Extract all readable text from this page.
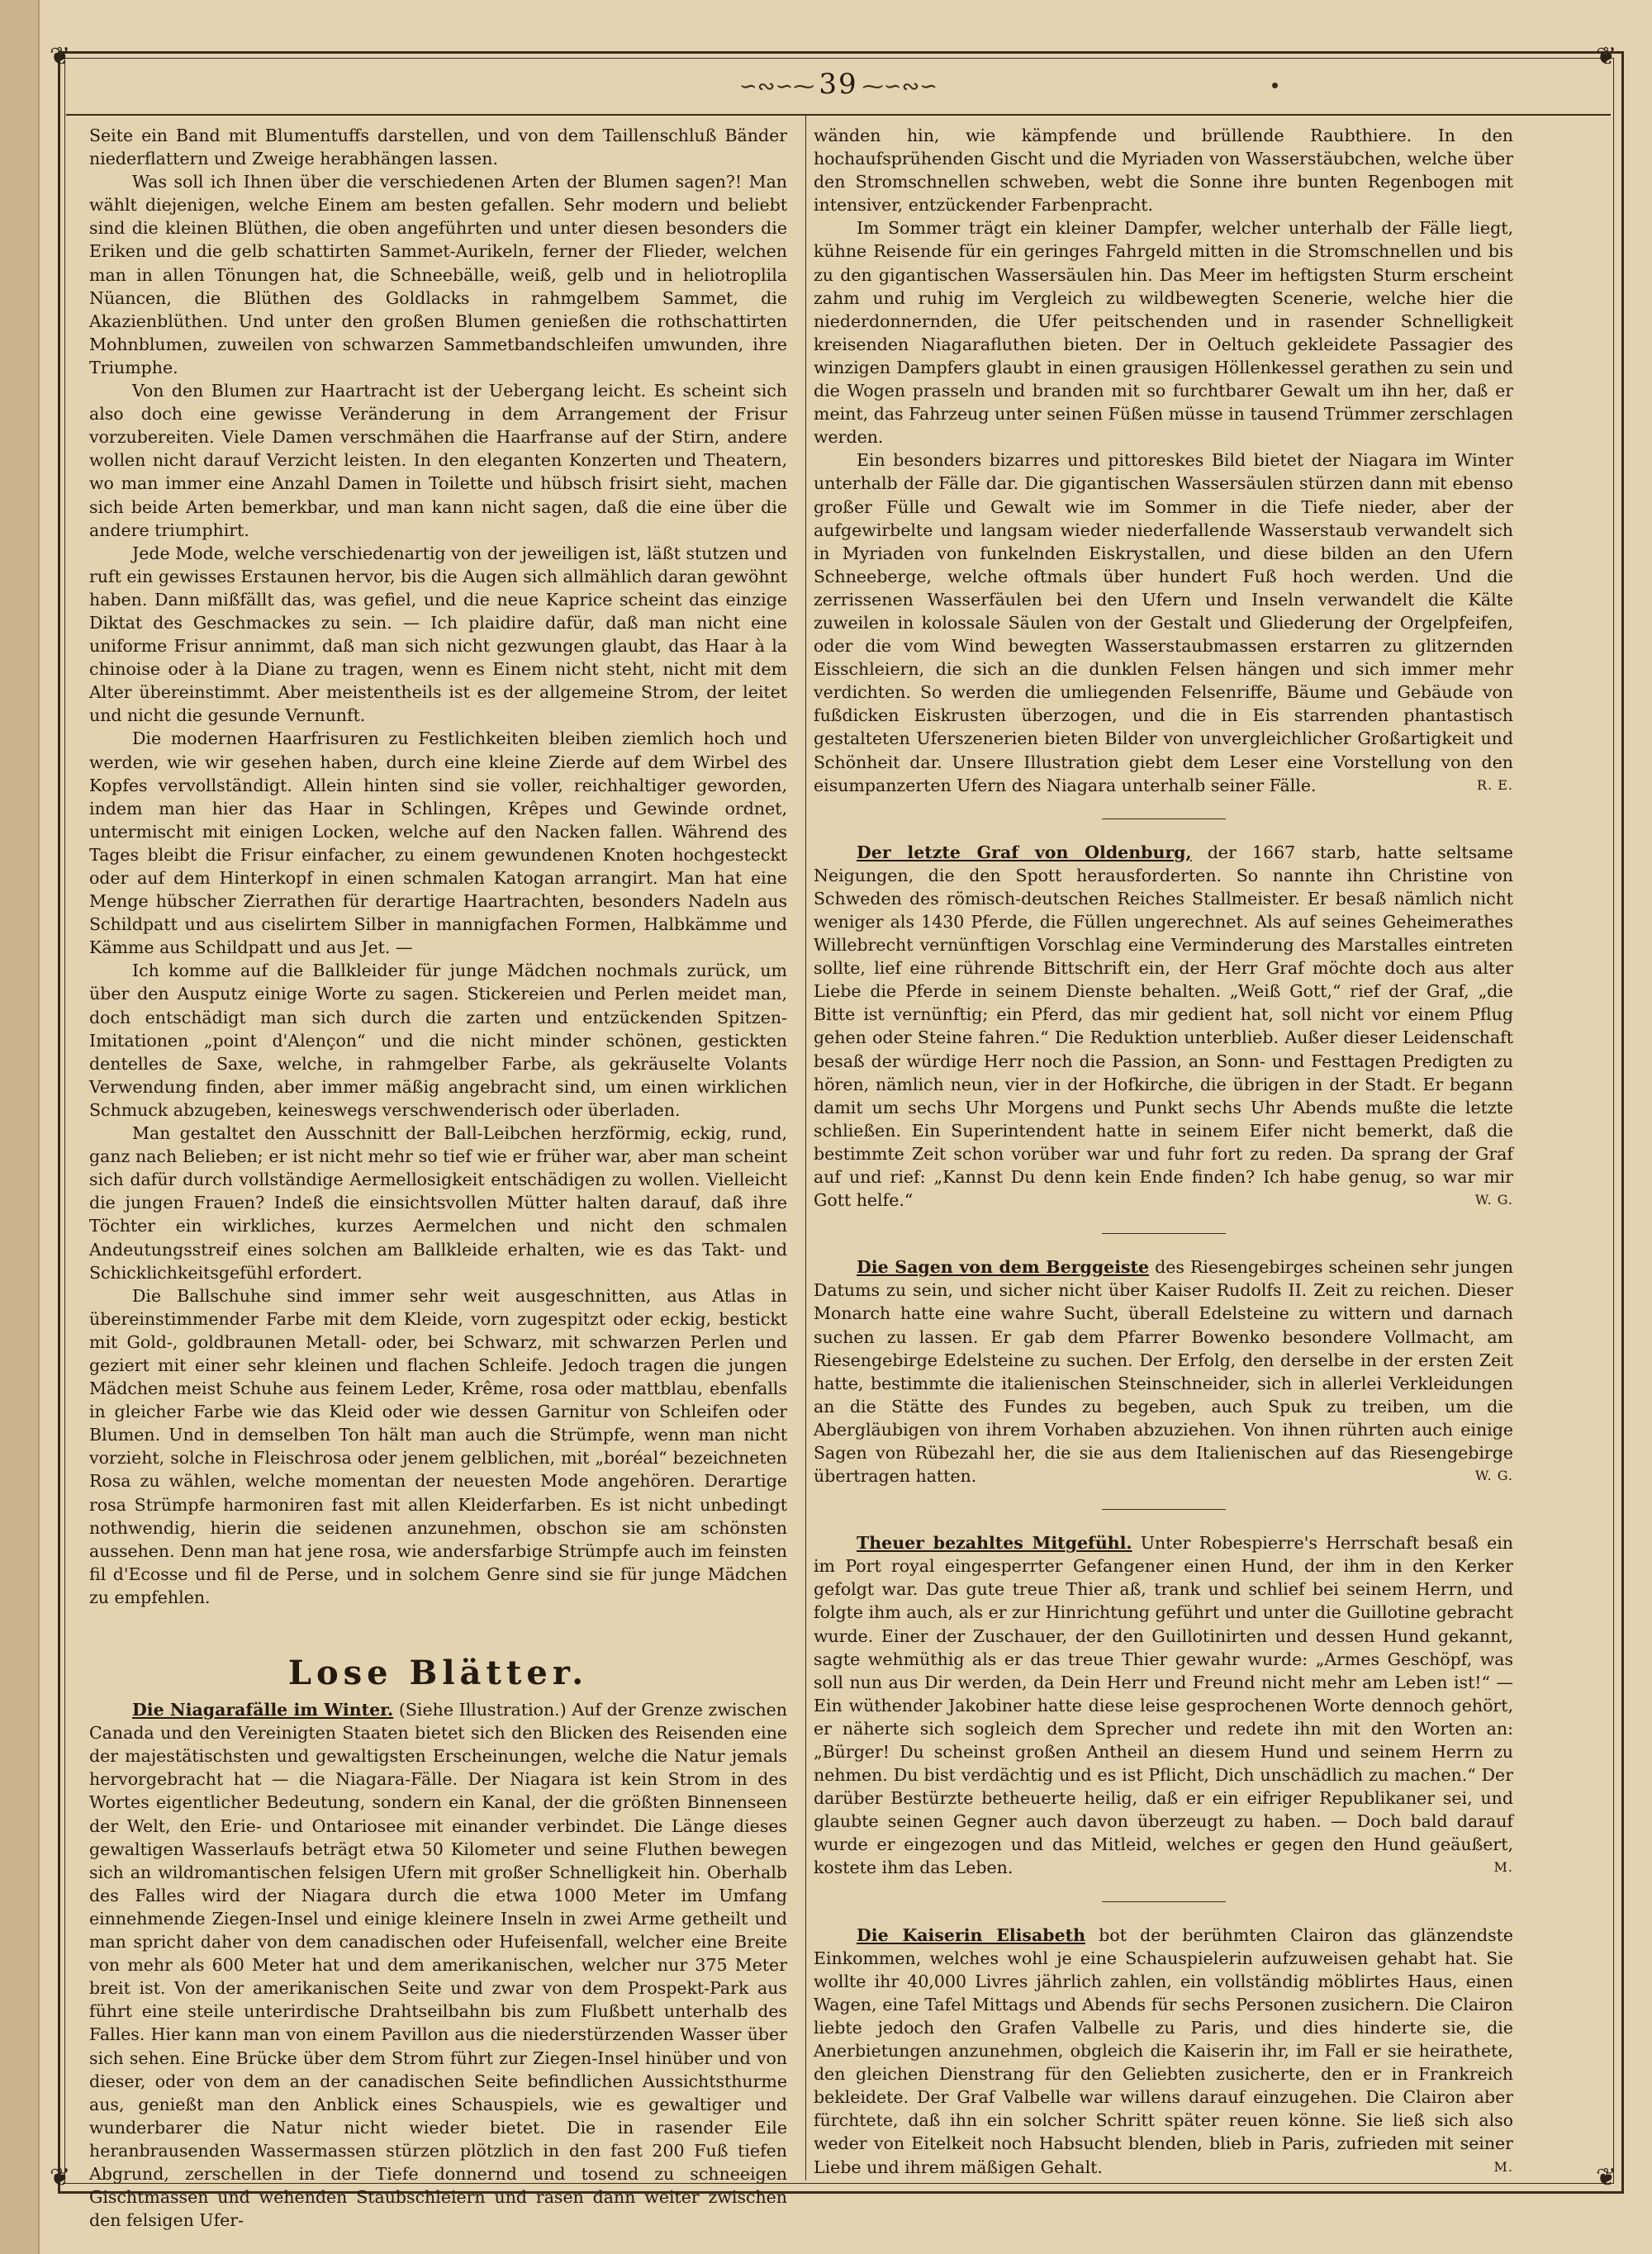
❦	❦
❦	❦
∽∾∽⁓ 39 ⁓∽∾∽

Seite ein Band mit Blumentuffs darstellen, und von dem Taillenschluß Bänder niederflattern und Zweige herabhängen lassen.

Was soll ich Ihnen über die verschiedenen Arten der Blumen sagen?! Man wählt diejenigen, welche Einem am besten gefallen. Sehr modern und beliebt sind die kleinen Blüthen, die oben angeführten und unter diesen besonders die Eriken und die gelb schattirten Sammet-Aurikeln, ferner der Flieder, welchen man in allen Tönungen hat, die Schneebälle, weiß, gelb und in heliotroplila Nüancen, die Blüthen des Goldlacks in rahmgelbem Sammet, die Akazienblüthen. Und unter den großen Blumen genießen die rothschattirten Mohnblumen, zuweilen von schwarzen Sammetbandschleifen umwunden, ihre Triumphe.

Von den Blumen zur Haartracht ist der Uebergang leicht. Es scheint sich also doch eine gewisse Veränderung in dem Arrangement der Frisur vorzubereiten. Viele Damen verschmähen die Haarfranse auf der Stirn, andere wollen nicht darauf Verzicht leisten. In den eleganten Konzerten und Theatern, wo man immer eine Anzahl Damen in Toilette und hübsch frisirt sieht, machen sich beide Arten bemerkbar, und man kann nicht sagen, daß die eine über die andere triumphirt.

Jede Mode, welche verschiedenartig von der jeweiligen ist, läßt stutzen und ruft ein gewisses Erstaunen hervor, bis die Augen sich allmählich daran gewöhnt haben. Dann mißfällt das, was gefiel, und die neue Kaprice scheint das einzige Diktat des Geschmackes zu sein. — Ich plaidire dafür, daß man nicht eine uniforme Frisur annimmt, daß man sich nicht gezwungen glaubt, das Haar à la chinoise oder à la Diane zu tragen, wenn es Einem nicht steht, nicht mit dem Alter übereinstimmt. Aber meistentheils ist es der allgemeine Strom, der leitet und nicht die gesunde Vernunft.

Die modernen Haarfrisuren zu Festlichkeiten bleiben ziemlich hoch und werden, wie wir gesehen haben, durch eine kleine Zierde auf dem Wirbel des Kopfes vervollständigt. Allein hinten sind sie voller, reichhaltiger geworden, indem man hier das Haar in Schlingen, Krêpes und Gewinde ordnet, untermischt mit einigen Locken, welche auf den Nacken fallen. Während des Tages bleibt die Frisur einfacher, zu einem gewundenen Knoten hochgesteckt oder auf dem Hinterkopf in einen schmalen Katogan arrangirt. Man hat eine Menge hübscher Zierrathen für derartige Haartrachten, besonders Nadeln aus Schildpatt und aus ciselirtem Silber in mannigfachen Formen, Halbkämme und Kämme aus Schildpatt und aus Jet. —

Ich komme auf die Ballkleider für junge Mädchen nochmals zurück, um über den Ausputz einige Worte zu sagen. Stickereien und Perlen meidet man, doch entschädigt man sich durch die zarten und entzückenden Spitzen-Imitationen „point d'Alençon“ und die nicht minder schönen, gestickten dentelles de Saxe, welche, in rahmgelber Farbe, als gekräuselte Volants Verwendung finden, aber immer mäßig angebracht sind, um einen wirklichen Schmuck abzugeben, keineswegs verschwenderisch oder überladen.

Man gestaltet den Ausschnitt der Ball-Leibchen herzförmig, eckig, rund, ganz nach Belieben; er ist nicht mehr so tief wie er früher war, aber man scheint sich dafür durch vollständige Aermellosigkeit entschädigen zu wollen. Vielleicht die jungen Frauen? Indeß die einsichtsvollen Mütter halten darauf, daß ihre Töchter ein wirkliches, kurzes Aermelchen und nicht den schmalen Andeutungsstreif eines solchen am Ballkleide erhalten, wie es das Takt- und Schicklichkeitsgefühl erfordert.

Die Ballschuhe sind immer sehr weit ausgeschnitten, aus Atlas in übereinstimmender Farbe mit dem Kleide, vorn zugespitzt oder eckig, bestickt mit Gold-, goldbraunen Metall- oder, bei Schwarz, mit schwarzen Perlen und geziert mit einer sehr kleinen und flachen Schleife. Jedoch tragen die jungen Mädchen meist Schuhe aus feinem Leder, Krême, rosa oder mattblau, ebenfalls in gleicher Farbe wie das Kleid oder wie dessen Garnitur von Schleifen oder Blumen. Und in demselben Ton hält man auch die Strümpfe, wenn man nicht vorzieht, solche in Fleischrosa oder jenem gelblichen, mit „boréal“ bezeichneten Rosa zu wählen, welche momentan der neuesten Mode angehören. Derartige rosa Strümpfe harmoniren fast mit allen Kleiderfarben. Es ist nicht unbedingt nothwendig, hierin die seidenen anzunehmen, obschon sie am schönsten aussehen. Denn man hat jene rosa, wie andersfarbige Strümpfe auch im feinsten fil d'Ecosse und fil de Perse, und in solchem Genre sind sie für junge Mädchen zu empfehlen.

Lose Blätter.

Die Niagarafälle im Winter. (Siehe Illustration.) Auf der Grenze zwischen Canada und den Vereinigten Staaten bietet sich den Blicken des Reisenden eine der majestätischsten und gewaltigsten Erscheinungen, welche die Natur jemals hervorgebracht hat — die Niagara-Fälle. Der Niagara ist kein Strom in des Wortes eigentlicher Bedeutung, sondern ein Kanal, der die größten Binnenseen der Welt, den Erie- und Ontariosee mit einander verbindet. Die Länge dieses gewaltigen Wasserlaufs beträgt etwa 50 Kilometer und seine Fluthen bewegen sich an wildromantischen felsigen Ufern mit großer Schnelligkeit hin. Oberhalb des Falles wird der Niagara durch die etwa 1000 Meter im Umfang einnehmende Ziegen-Insel und einige kleinere Inseln in zwei Arme getheilt und man spricht daher von dem canadischen oder Hufeisenfall, welcher eine Breite von mehr als 600 Meter hat und dem amerikanischen, welcher nur 375 Meter breit ist. Von der amerikanischen Seite und zwar von dem Prospekt-Park aus führt eine steile unterirdische Drahtseilbahn bis zum Flußbett unterhalb des Falles. Hier kann man von einem Pavillon aus die niederstürzenden Wasser über sich sehen. Eine Brücke über dem Strom führt zur Ziegen-Insel hinüber und von dieser, oder von dem an der canadischen Seite befindlichen Aussichtsthurme aus, genießt man den Anblick eines Schauspiels, wie es gewaltiger und wunderbarer die Natur nicht wieder bietet. Die in rasender Eile heranbrausenden Wassermassen stürzen plötzlich in den fast 200 Fuß tiefen Abgrund, zerschellen in der Tiefe donnernd und tosend zu schneeigen Gischtmassen und wehenden Staubschleiern und rasen dann weiter zwischen den felsigen Ufer-

wänden hin, wie kämpfende und brüllende Raubthiere. In den hochaufsprühenden Gischt und die Myriaden von Wasserstäubchen, welche über den Stromschnellen schweben, webt die Sonne ihre bunten Regenbogen mit intensiver, entzückender Farbenpracht.

Im Sommer trägt ein kleiner Dampfer, welcher unterhalb der Fälle liegt, kühne Reisende für ein geringes Fahrgeld mitten in die Stromschnellen und bis zu den gigantischen Wassersäulen hin. Das Meer im heftigsten Sturm erscheint zahm und ruhig im Vergleich zu wildbewegten Scenerie, welche hier die niederdonnernden, die Ufer peitschenden und in rasender Schnelligkeit kreisenden Niagarafluthen bieten. Der in Oeltuch gekleidete Passagier des winzigen Dampfers glaubt in einen grausigen Höllenkessel gerathen zu sein und die Wogen prasseln und branden mit so furchtbarer Gewalt um ihn her, daß er meint, das Fahrzeug unter seinen Füßen müsse in tausend Trümmer zerschlagen werden.

Ein besonders bizarres und pittoreskes Bild bietet der Niagara im Winter unterhalb der Fälle dar. Die gigantischen Wassersäulen stürzen dann mit ebenso großer Fülle und Gewalt wie im Sommer in die Tiefe nieder, aber der aufgewirbelte und langsam wieder niederfallende Wasserstaub verwandelt sich in Myriaden von funkelnden Eiskrystallen, und diese bilden an den Ufern Schneeberge, welche oftmals über hundert Fuß hoch werden. Und die zerrissenen Wasserfäulen bei den Ufern und Inseln verwandelt die Kälte zuweilen in kolossale Säulen von der Gestalt und Gliederung der Orgelpfeifen, oder die vom Wind bewegten Wasserstaubmassen erstarren zu glitzernden Eisschleiern, die sich an die dunklen Felsen hängen und sich immer mehr verdichten. So werden die umliegenden Felsenriffe, Bäume und Gebäude von fußdicken Eiskrusten überzogen, und die in Eis starrenden phantastisch gestalteten Uferszenerien bieten Bilder von unvergleichlicher Großartigkeit und Schönheit dar. Unsere Illustration giebt dem Leser eine Vorstellung von den eisumpanzerten Ufern des Niagara unterhalb seiner Fälle.	R. E.

Der letzte Graf von Oldenburg, der 1667 starb, hatte seltsame Neigungen, die den Spott herausforderten. So nannte ihn Christine von Schweden des römisch-deutschen Reiches Stallmeister. Er besaß nämlich nicht weniger als 1430 Pferde, die Füllen ungerechnet. Als auf seines Geheimerathes Willebrecht vernünftigen Vorschlag eine Verminderung des Marstalles eintreten sollte, lief eine rührende Bittschrift ein, der Herr Graf möchte doch aus alter Liebe die Pferde in seinem Dienste behalten. „Weiß Gott,“ rief der Graf, „die Bitte ist vernünftig; ein Pferd, das mir gedient hat, soll nicht vor einem Pflug gehen oder Steine fahren.“ Die Reduktion unterblieb. Außer dieser Leidenschaft besaß der würdige Herr noch die Passion, an Sonn- und Festtagen Predigten zu hören, nämlich neun, vier in der Hofkirche, die übrigen in der Stadt. Er begann damit um sechs Uhr Morgens und Punkt sechs Uhr Abends mußte die letzte schließen. Ein Superintendent hatte in seinem Eifer nicht bemerkt, daß die bestimmte Zeit schon vorüber war und fuhr fort zu reden. Da sprang der Graf auf und rief: „Kannst Du denn kein Ende finden? Ich habe genug, so war mir Gott helfe.“	W. G.

Die Sagen von dem Berggeiste des Riesengebirges scheinen sehr jungen Datums zu sein, und sicher nicht über Kaiser Rudolfs II. Zeit zu reichen. Dieser Monarch hatte eine wahre Sucht, überall Edelsteine zu wittern und darnach suchen zu lassen. Er gab dem Pfarrer Bowenko besondere Vollmacht, am Riesengebirge Edelsteine zu suchen. Der Erfolg, den derselbe in der ersten Zeit hatte, bestimmte die italienischen Steinschneider, sich in allerlei Verkleidungen an die Stätte des Fundes zu begeben, auch Spuk zu treiben, um die Abergläubigen von ihrem Vorhaben abzuziehen. Von ihnen rührten auch einige Sagen von Rübezahl her, die sie aus dem Italienischen auf das Riesengebirge übertragen hatten.	W. G.

Theuer bezahltes Mitgefühl. Unter Robespierre's Herrschaft besaß ein im Port royal eingesperrter Gefangener einen Hund, der ihm in den Kerker gefolgt war. Das gute treue Thier aß, trank und schlief bei seinem Herrn, und folgte ihm auch, als er zur Hinrichtung geführt und unter die Guillotine gebracht wurde. Einer der Zuschauer, der den Guillotinirten und dessen Hund gekannt, sagte wehmüthig als er das treue Thier gewahr wurde: „Armes Geschöpf, was soll nun aus Dir werden, da Dein Herr und Freund nicht mehr am Leben ist!“ — Ein wüthender Jakobiner hatte diese leise gesprochenen Worte dennoch gehört, er näherte sich sogleich dem Sprecher und redete ihn mit den Worten an: „Bürger! Du scheinst großen Antheil an diesem Hund und seinem Herrn zu nehmen. Du bist verdächtig und es ist Pflicht, Dich unschädlich zu machen.“ Der darüber Bestürzte betheuerte heilig, daß er ein eifriger Republikaner sei, und glaubte seinen Gegner auch davon überzeugt zu haben. — Doch bald darauf wurde er eingezogen und das Mitleid, welches er gegen den Hund geäußert, kostete ihm das Leben.	M.

Die Kaiserin Elisabeth bot der berühmten Clairon das glänzendste Einkommen, welches wohl je eine Schauspielerin aufzuweisen gehabt hat. Sie wollte ihr 40,000 Livres jährlich zahlen, ein vollständig möblirtes Haus, einen Wagen, eine Tafel Mittags und Abends für sechs Personen zusichern. Die Clairon liebte jedoch den Grafen Valbelle zu Paris, und dies hinderte sie, die Anerbietungen anzunehmen, obgleich die Kaiserin ihr, im Fall er sie heirathete, den gleichen Dienstrang für den Geliebten zusicherte, den er in Frankreich bekleidete. Der Graf Valbelle war willens darauf einzugehen. Die Clairon aber fürchtete, daß ihn ein solcher Schritt später reuen könne. Sie ließ sich also weder von Eitelkeit noch Habsucht blenden, blieb in Paris, zufrieden mit seiner Liebe und ihrem mäßigen Gehalt.	M.
